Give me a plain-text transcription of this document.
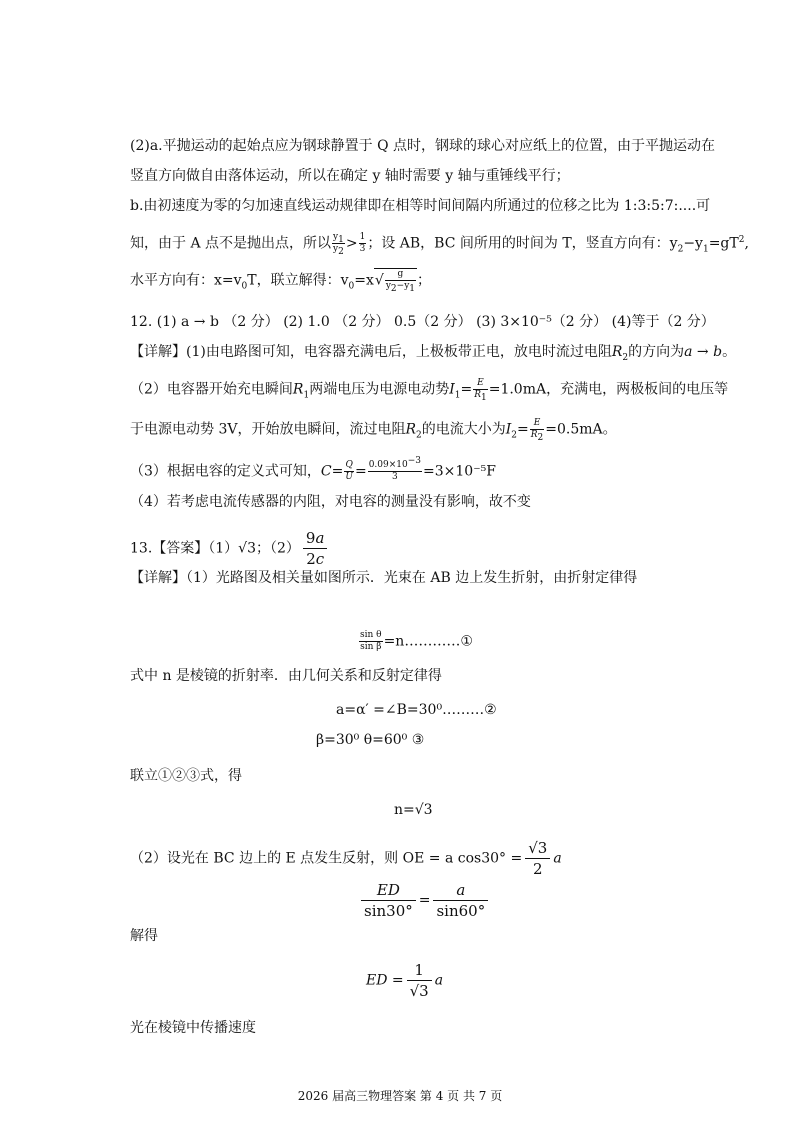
(2)a.平抛运动的起始点应为钢球静置于 Q 点时，钢球的球心对应纸上的位置，由于平抛运动在
竖直方向做自由落体运动，所以在确定 y 轴时需要 y 轴与重锤线平行；
b.由初速度为零的匀加速直线运动规律即在相等时间间隔内所通过的位移之比为 1:3:5:7:....可
知，由于 A 点不是抛出点，所以 $\frac{y_1}{y_2} > \frac{1}{3}$ ；设 AB，BC 间所用的时间为 T，竖直方向有：$y_2-y_1=gT^2$,
水平方向有：$x=v_0T$，联立解得：$v_0=x√ \frac{g}{y_2-y_1}$ ；
12. (1) a → b （2 分） (2) 1.0 （2 分） 0.5（2 分） (3) 3×10⁻⁵（2 分） (4)等于（2 分）
【详解】(1)由电路图可知，电容器充满电后，上极板带正电，放电时流过电阻$R_2$的方向为a → b。
（2）电容器开始充电瞬间$R_1$两端电压为电源电动势$I_1= \frac{E}{R_1} =1.0mA$，充满电，两极板间的电压等
于电源电动势 3V，开始放电瞬间，流过电阻$R_2$的电流大小为$I_2= \frac{E}{R_2} =0.5mA$。
（3）根据电容的定义式可知，$C= \frac{Q}{U} = \frac{0.09\times 10^{-3}}{3} =3\times 10^{-5}F$
（4）若考虑电流传感器的内阻，对电容的测量没有影响，故不变
13.【答案】（1）√3；$(2) \frac{9a}{2c}$
【详解】（1）光路图及相关量如图所示．光束在 AB 边上发生折射，由折射定律得
$\frac{\text{sin θ}}{\text{sin β}}$ =n…………①
式中 n 是棱镜的折射率．由几何关系和反射定律得
a=α′ =∠B=30⁰………②
β=30⁰ θ=60⁰ ③
联立①②③式，得
n=√3
（2）设光在 BC 边上的 E 点发生反射，则 OE = a $\cos 30^\circ = \frac{√3}{2}$ a
$\frac{ED}{\sin 30^\circ} = \frac{a}{\sin 60^\circ}$
解得
ED = $\frac{1}{√3}$ a
光在棱镜中传播速度
2026 届高三物理答案 第 4 页 共 7 页
